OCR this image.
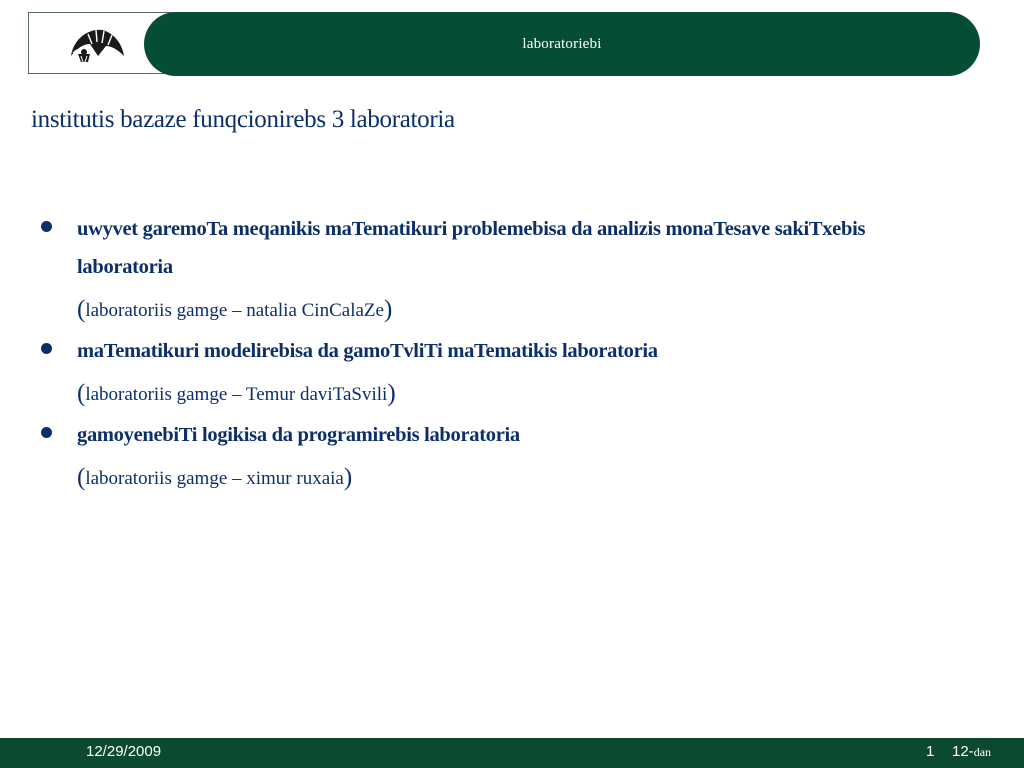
laboratoriebi
institutis bazaze funqcionirebs 3 laboratoria
uwyvet garemoTa meqanikis maTematikuri problemebisa da analizis monaTesave sakiTxebis laboratoria
(laboratoriis gamge – natalia CinCalaZe)
maTematikuri modelirebisa da gamoTvliTi maTematikis laboratoria
(laboratoriis gamge – Temur daviTaSvili)
gamoyenebiTi logikisa da programirebis laboratoria
(laboratoriis gamge – ximur ruxaia)
12/29/2009	1 12-dan
